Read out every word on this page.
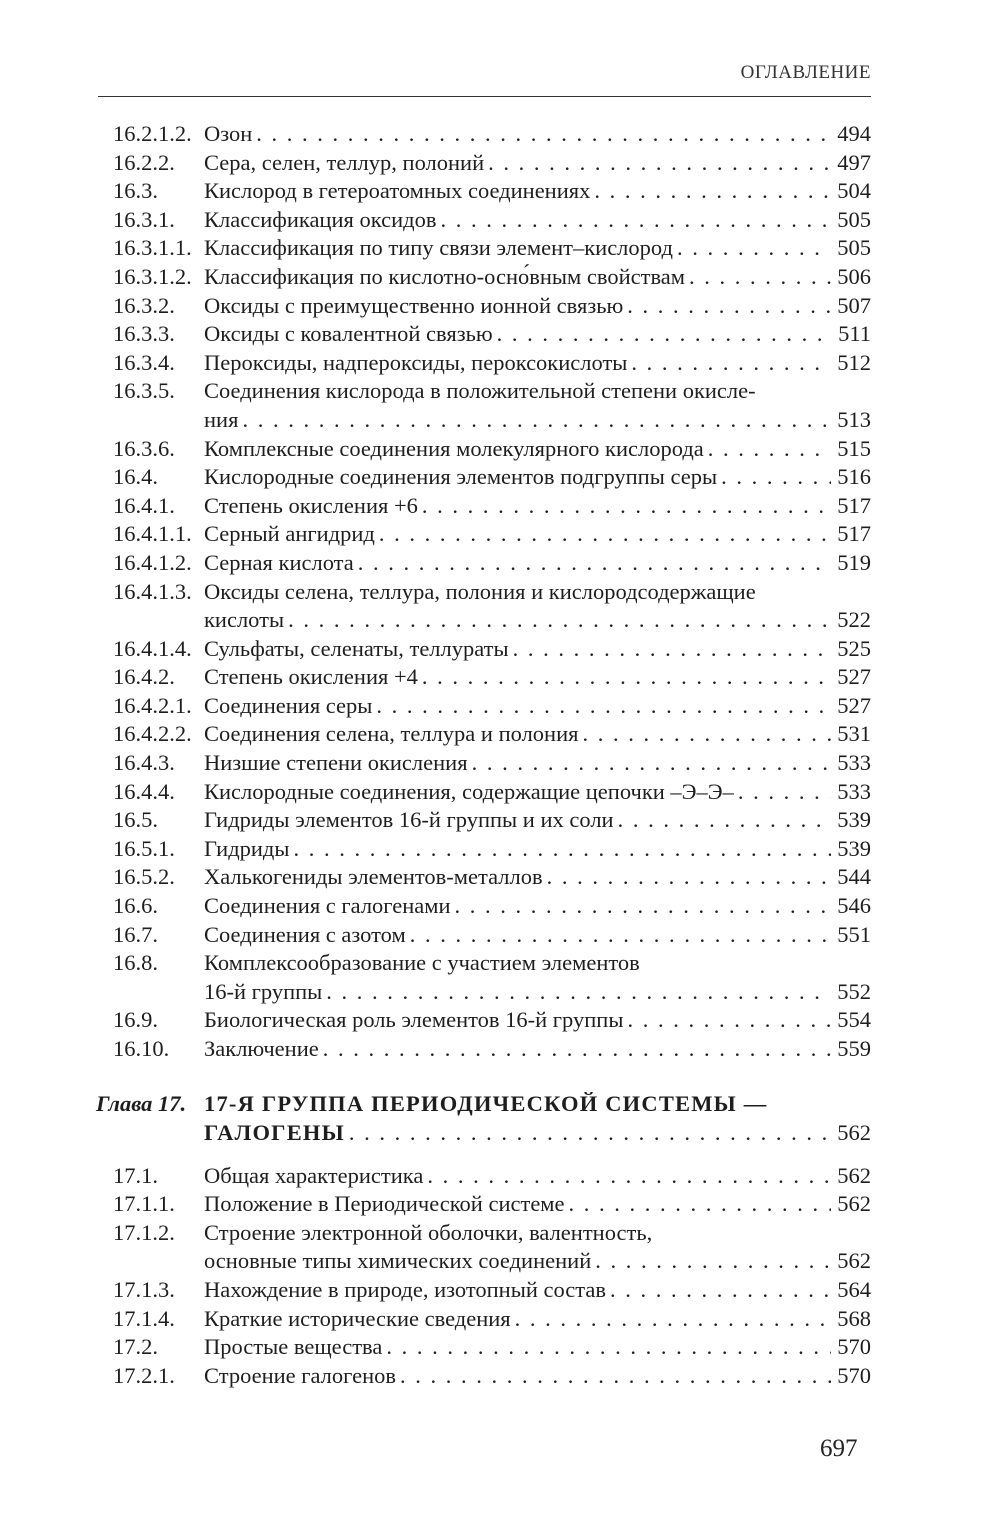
ОГЛАВЛЕНИЕ
16.2.1.2. Озон . . .	494
16.2.2. Сера, селен, теллур, полоний . . .	497
16.3. Кислород в гетероатомных соединениях . . .	504
16.3.1. Классификация оксидов . . .	505
16.3.1.1. Классификация по типу связи элемент–кислород . . .	505
16.3.1.2. Классификация по кислотно-осно́вным свойствам . . .	506
16.3.2. Оксиды с преимущественно ионной связью . . .	507
16.3.3. Оксиды с ковалентной связью . . .	511
16.3.4. Пероксиды, надпероксиды, пероксокислоты . . .	512
16.3.5. Соединения кислорода в положительной степени окисле-
ния . . .	513
16.3.6. Комплексные соединения молекулярного кислорода . . .	515
16.4. Кислородные соединения элементов подгруппы серы . . .	516
16.4.1. Степень окисления +6 . . .	517
16.4.1.1. Серный ангидрид . . .	517
16.4.1.2. Серная кислота . . .	519
16.4.1.3. Оксиды селена, теллура, полония и кислородсодержащие
кислоты . . .	522
16.4.1.4. Сульфаты, селенаты, теллураты . . .	525
16.4.2. Степень окисления +4 . . .	527
16.4.2.1. Соединения серы . . .	527
16.4.2.2. Соединения селена, теллура и полония . . .	531
16.4.3. Низшие степени окисления . . .	533
16.4.4. Кислородные соединения, содержащие цепочки –Э–Э– . . .	533
16.5. Гидриды элементов 16-й группы и их соли . . .	539
16.5.1. Гидриды . . .	539
16.5.2. Халькогениды элементов-металлов . . .	544
16.6. Соединения с галогенами . . .	546
16.7. Соединения с азотом . . .	551
16.8. Комплексообразование с участием элементов
16-й группы . . .	552
16.9. Биологическая роль элементов 16-й группы . . .	554
16.10. Заключение . . .	559
Глава 17. 17-Я ГРУППА ПЕРИОДИЧЕСКОЙ СИСТЕМЫ —
ГАЛОГЕНЫ . . .	562
17.1. Общая характеристика . . .	562
17.1.1. Положение в Периодической системе . . .	562
17.1.2. Строение электронной оболочки, валентность,
основные типы химических соединений . . .	562
17.1.3. Нахождение в природе, изотопный состав . . .	564
17.1.4. Краткие исторические сведения . . .	568
17.2. Простые вещества . . .	570
17.2.1. Строение галогенов . . .	570
697
